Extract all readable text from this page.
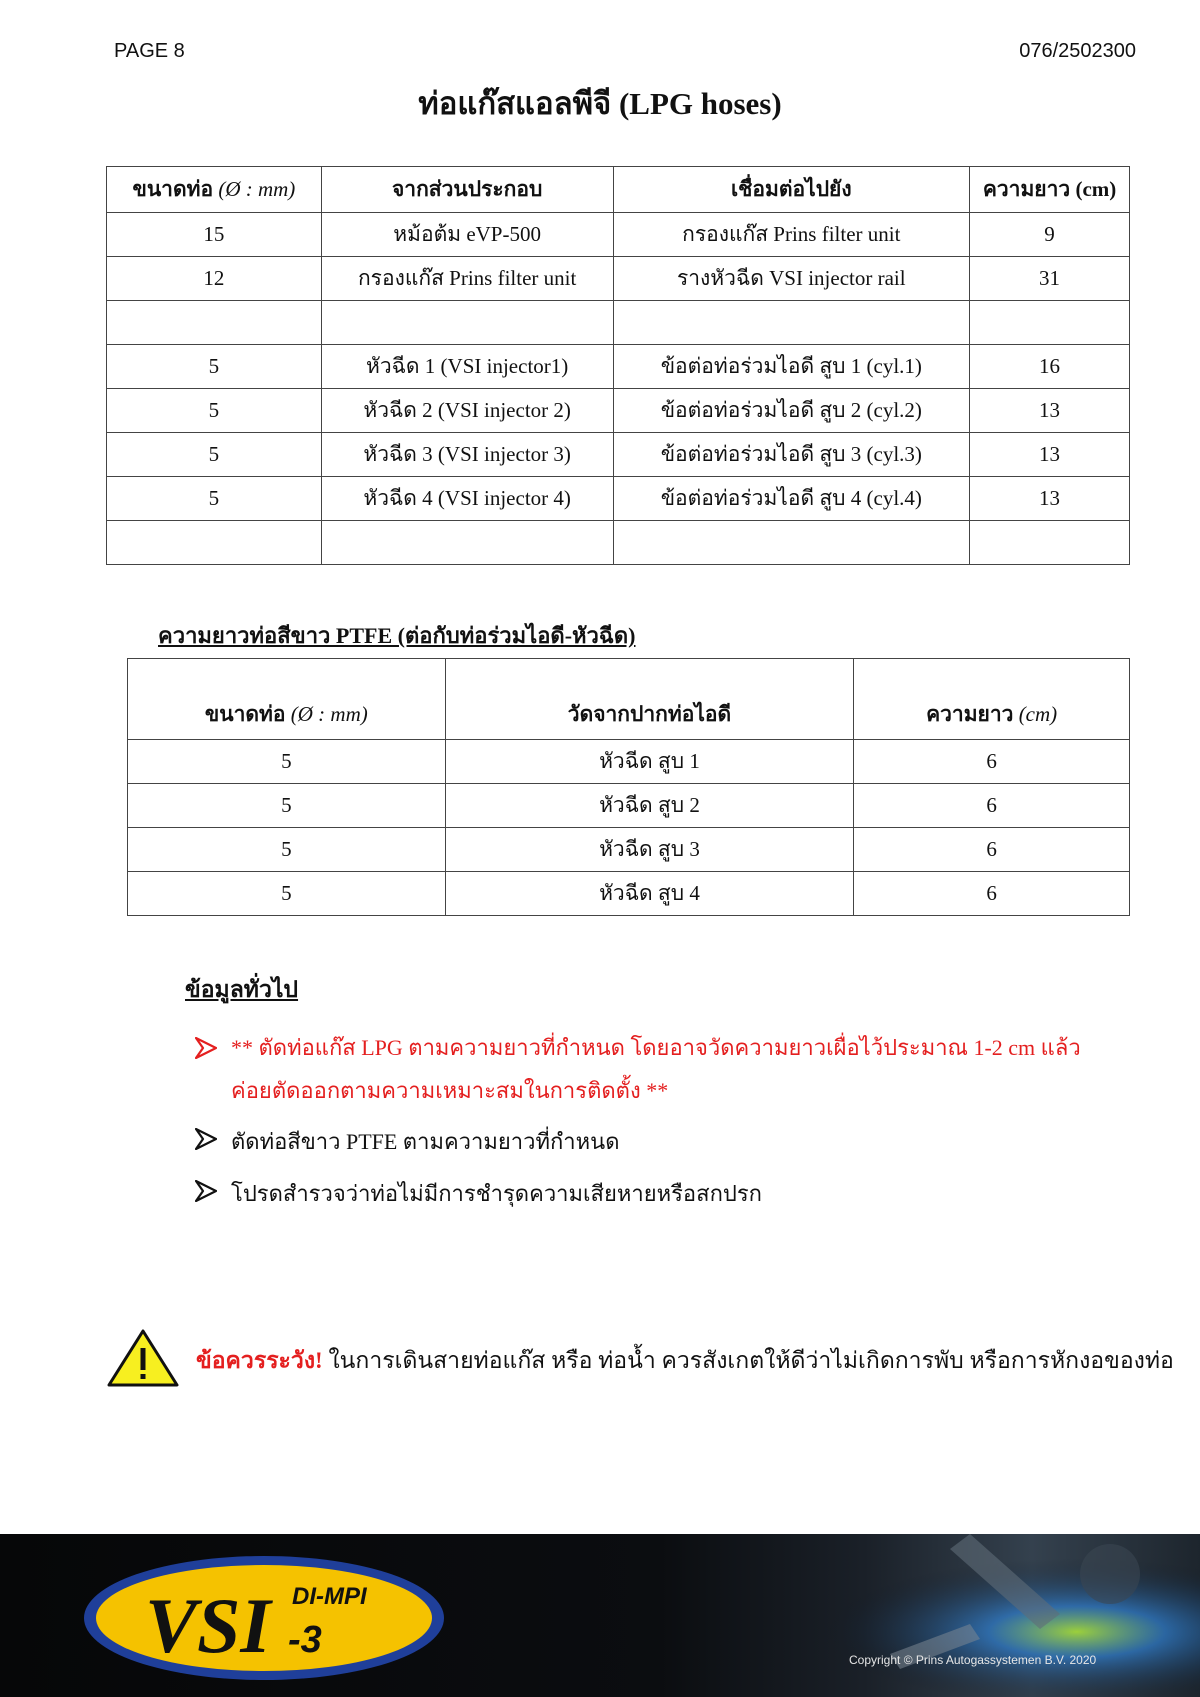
PAGE 8	076/2502300
ท่อแก๊สแอลพีจี (LPG hoses)
ขนาดท่อ (Ø : mm)	จากส่วนประกอบ	เชื่อมต่อไปยัง	ความยาว (cm)
15	หม้อต้ม eVP-500	กรองแก๊ส Prins filter unit	9
12	กรองแก๊ส Prins filter unit	รางหัวฉีด VSI injector rail	31

5	หัวฉีด 1 (VSI injector1)	ข้อต่อท่อร่วมไอดี สูบ 1 (cyl.1)	16
5	หัวฉีด 2 (VSI injector 2)	ข้อต่อท่อร่วมไอดี สูบ 2 (cyl.2)	13
5	หัวฉีด 3 (VSI injector 3)	ข้อต่อท่อร่วมไอดี สูบ 3 (cyl.3)	13
5	หัวฉีด 4 (VSI injector 4)	ข้อต่อท่อร่วมไอดี สูบ 4 (cyl.4)	13

ความยาวท่อสีขาว PTFE (ต่อกับท่อร่วมไอดี-หัวฉีด)
ขนาดท่อ (Ø : mm)	วัดจากปากท่อไอดี	ความยาว (cm)
5	หัวฉีด สูบ 1	6
5	หัวฉีด สูบ 2	6
5	หัวฉีด สูบ 3	6
5	หัวฉีด สูบ 4	6
ข้อมูลทั่วไป
** ตัดท่อแก๊ส LPG ตามความยาวที่กำหนด โดยอาจวัดความยาวเผื่อไว้ประมาณ 1-2 cm แล้วค่อยตัดออกตามความเหมาะสมในการติดตั้ง **
ตัดท่อสีขาว PTFE ตามความยาวที่กำหนด
โปรดสำรวจว่าท่อไม่มีการชำรุดความเสียหายหรือสกปรก
ข้อควรระวัง! ในการเดินสายท่อแก๊ส หรือ ท่อน้ำ ควรสังเกตให้ดีว่าไม่เกิดการพับ หรือการหักงอของท่อ
VSI -3
DI-MPI
Copyright © Prins Autogassystemen B.V. 2020
